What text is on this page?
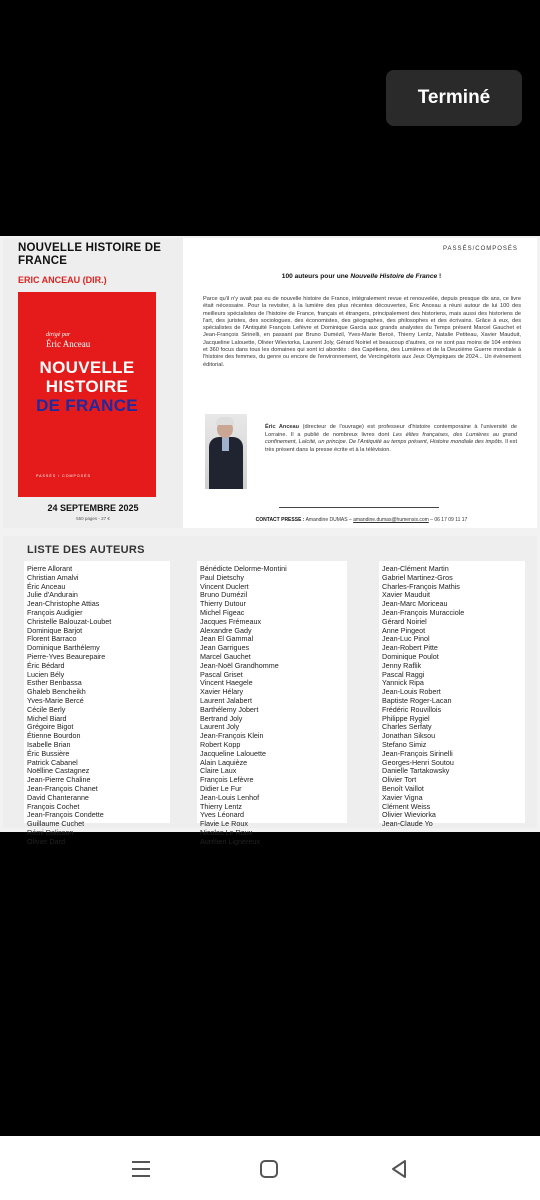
Terminé
NOUVELLE HISTOIRE DE FRANCE
ERIC ANCEAU (DIR.)
dirigé par
Éric Anceau
NOUVELLE
HISTOIRE
DE FRANCE
PASSÉS / COMPOSÉS
24 SEPTEMBRE 2025
550 pages - 27 €
PASSÉS/COMPOSÉS
100 auteurs pour une Nouvelle Histoire de France !
Parce qu'il n'y avait pas eu de nouvelle histoire de France, intégralement revue et renouvelée, depuis presque dix ans, ce livre était nécessaire. Pour la revisiter, à la lumière des plus récentes découvertes, Éric Anceau a réuni autour de lui 100 des meilleurs spécialistes de l'histoire de France, français et étrangers, principalement des historiens, mais aussi des historiens de l'art, des juristes, des sociologues, des économistes, des géographes, des philosophes et des écrivains. Grâce à eux, des spécialistes de l'Antiquité François Lefèvre et Dominique Garcia aux grands analystes du Temps présent Marcel Gauchet et Jean-François Sirinelli, en passant par Bruno Dumézil, Yves-Marie Bercé, Thierry Lentz, Natalie Petiteau, Xavier Mauduit, Jacqueline Lalouette, Olivier Wieviorka, Laurent Joly, Gérard Noiriel et beaucoup d'autres, ce ne sont pas moins de 104 entrées et 360 focus dans tous les domaines qui sont ici abordés : des Capétiens, des Lumières et de la Deuxième Guerre mondiale à l'histoire des femmes, du genre ou encore de l'environnement, de Vercingétorix aux Jeux Olympiques de 2024... Un évènement éditorial.
Éric Anceau (directeur de l'ouvrage) est professeur d'histoire contemporaine à l'université de Lorraine. Il a publié de nombreux livres dont Les élites françaises, des Lumières au grand confinement, Laïcité, un principe. De l'Antiquité au temps présent, Histoire mondiale des impôts. Il est très présent dans la presse écrite et à la télévision.
CONTACT PRESSE : Amandine DUMAS – amandine.dumas@humensis.com – 06 17 09 11 17
LISTE DES AUTEURS
Pierre Allorant
Christian Amalvi
Éric Anceau
Julie d'Andurain
Jean-Christophe Attias
François Audigier
Christelle Balouzat-Loubet
Dominique Barjot
Florent Barraco
Dominique Barthélemy
Pierre-Yves Beaurepaire
Éric Bédard
Lucien Bély
Esther Benbassa
Ghaleb Bencheikh
Yves-Marie Bercé
Cécile Berly
Michel Biard
Grégoire Bigot
Étienne Bourdon
Isabelle Brian
Éric Bussière
Patrick Cabanel
Noëlline Castagnez
Jean-Pierre Chaline
Jean-François Chanet
David Chanteranne
François Cochet
Jean-François Condette
Guillaume Cuchet
Rémi Dalisson
Olivier Dard
Bénédicte Delorme-Montini
Paul Dietschy
Vincent Duclert
Bruno Dumézil
Thierry Dutour
Michel Figeac
Jacques Frémeaux
Alexandre Gady
Jean El Gammal
Jean Garrigues
Marcel Gauchet
Jean-Noël Grandhomme
Pascal Griset
Vincent Haegele
Xavier Hélary
Laurent Jalabert
Barthélemy Jobert
Bertrand Joly
Laurent Joly
Jean-François Klein
Robert Kopp
Jacqueline Lalouette
Alain Laquièze
Claire Laux
François Lefèvre
Didier Le Fur
Jean-Louis Lenhof
Thierry Lentz
Yves Léonard
Flavie Le Roux
Nicolas Le Roux
Aurélien Lignereux
Jean-Clément Martin
Gabriel Martinez-Gros
Charles-François Mathis
Xavier Mauduit
Jean-Marc Moriceau
Jean-François Muracciole
Gérard Noiriel
Anne Pingeot
Jean-Luc Pinol
Jean-Robert Pitte
Dominique Poulot
Jenny Raflik
Pascal Raggi
Yannick Ripa
Jean-Louis Robert
Baptiste Roger-Lacan
Frédéric Rouvillois
Philippe Rygiel
Charles Serfaty
Jonathan Siksou
Stefano Simiz
Jean-François Sirinelli
Georges-Henri Soutou
Danielle Tartakowsky
Olivier Tort
Benoît Vaillot
Xavier Vigna
Clément Weiss
Olivier Wieviorka
Jean-Claude Yo
